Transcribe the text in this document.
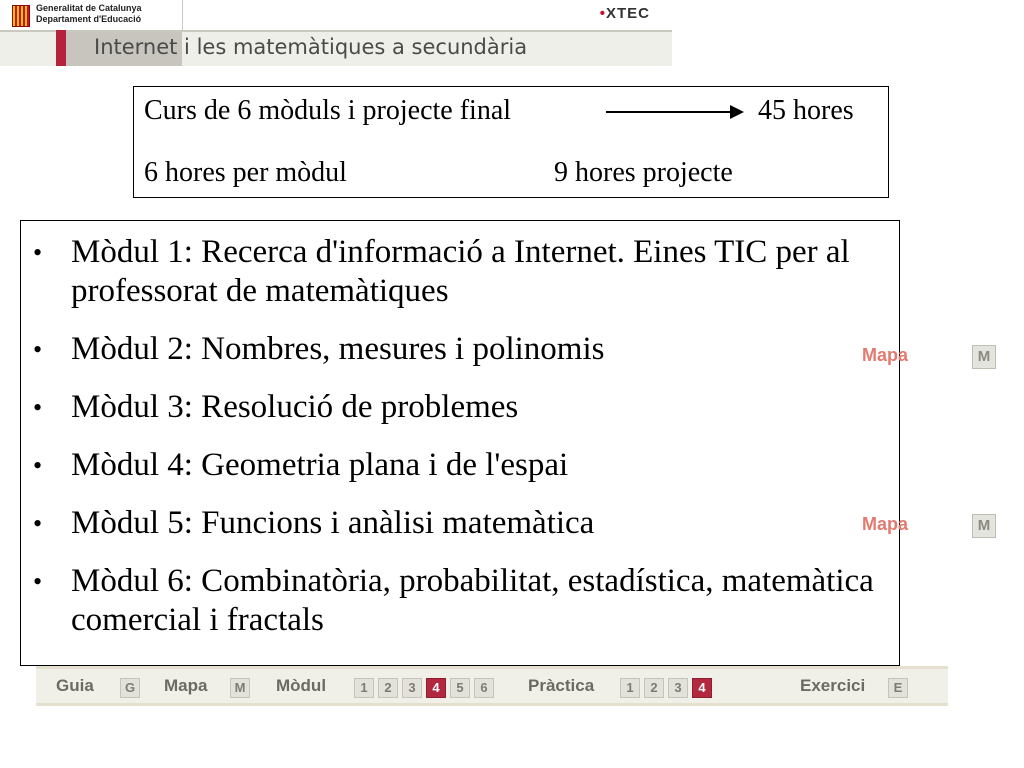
Generalitat de Catalunya
Departament d'Educació	•XTEC
Internet i les matemàtiques a secundària
Curs de 6 mòduls i projecte final	45 hores
6 hores per mòdul	9 hores projecte
• Mòdul 1: Recerca d'informació a Internet. Eines TIC per al professorat de matemàtiques
• Mòdul 2: Nombres, mesures i polinomis
• Mòdul 3: Resolució de problemes
• Mòdul 4: Geometria plana i de l'espai
• Mòdul 5: Funcions i anàlisi matemàtica
• Mòdul 6: Combinatòria, probabilitat, estadística, matemàtica comercial i fractals
Mapa	M
Mapa	M
Guia	G Mapa	M Mòdul	1	2	3	4	5	6	Pràctica	1	2	3	4	Exercici	E
